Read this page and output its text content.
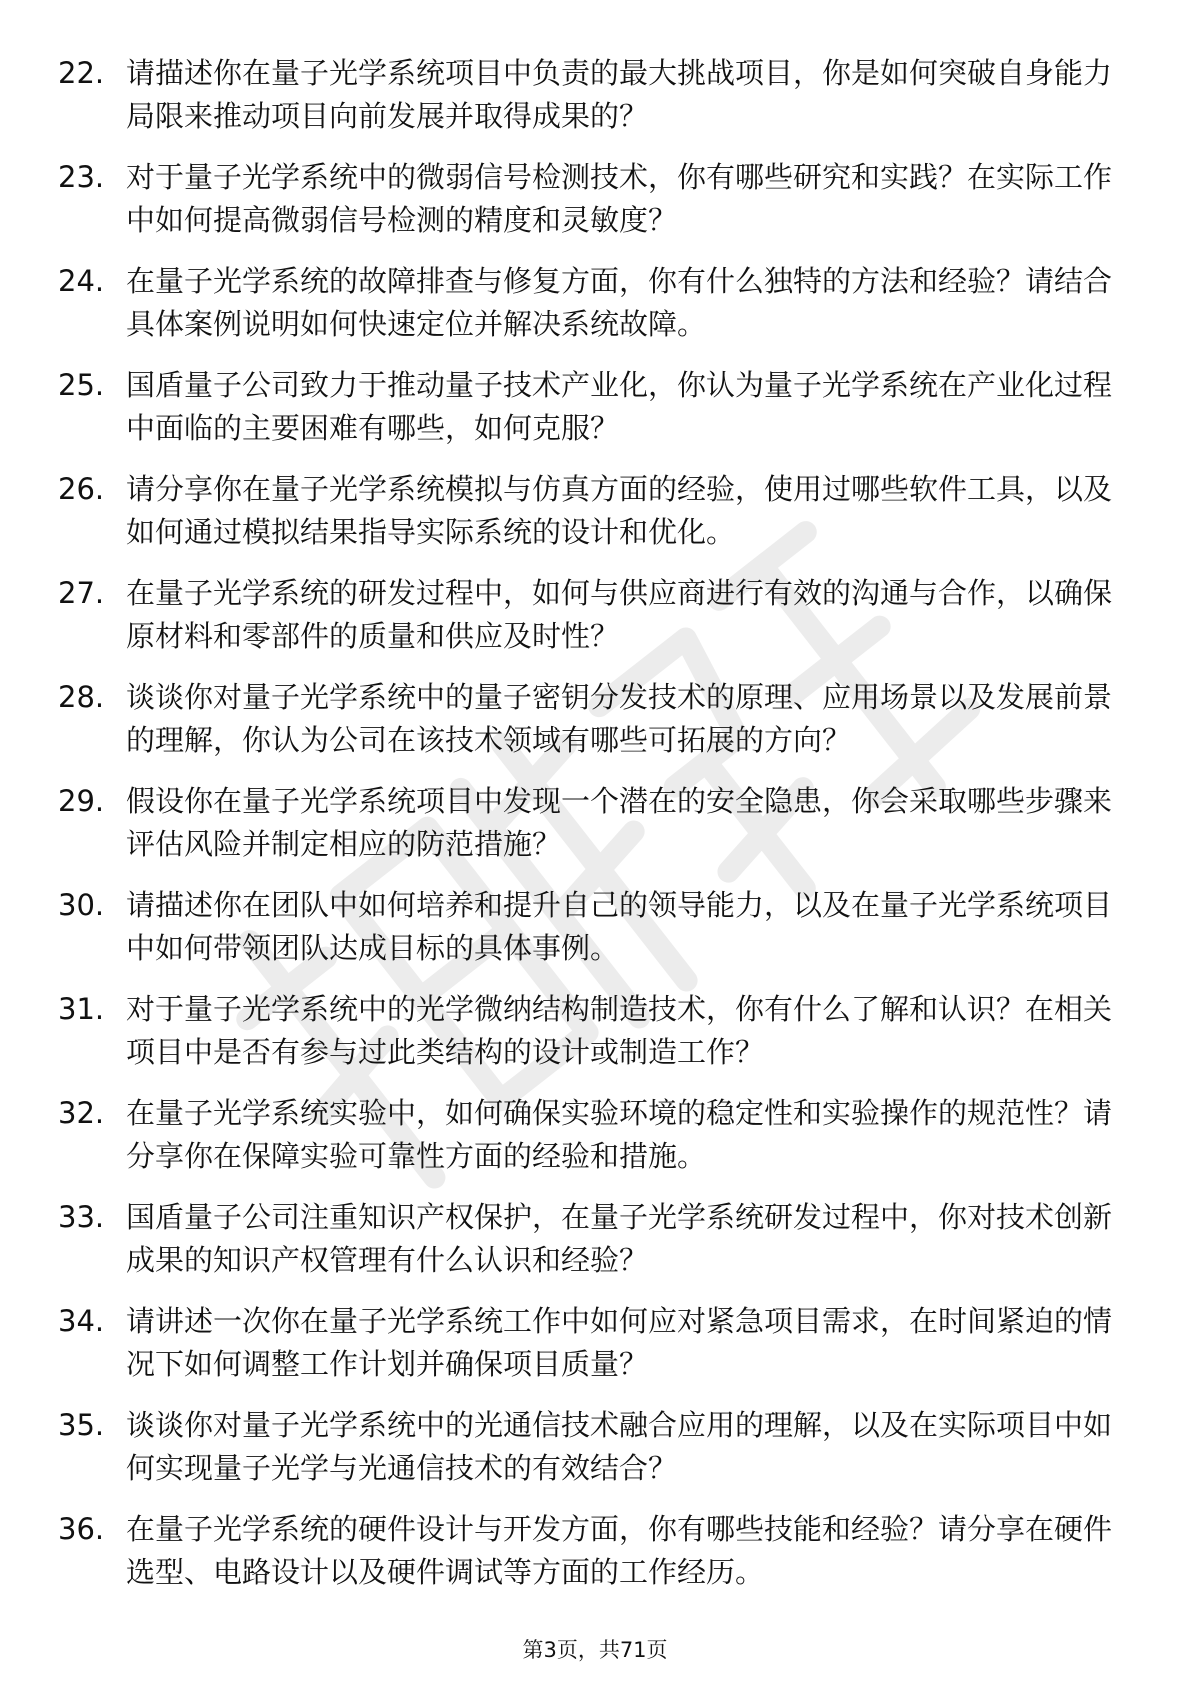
22. 请描述你在量子光学系统项目中负责的最大挑战项目，你是如何突破自身能力局限来推动项目向前发展并取得成果的？
23. 对于量子光学系统中的微弱信号检测技术，你有哪些研究和实践？在实际工作中如何提高微弱信号检测的精度和灵敏度？
24. 在量子光学系统的故障排查与修复方面，你有什么独特的方法和经验？请结合具体案例说明如何快速定位并解决系统故障。
25. 国盾量子公司致力于推动量子技术产业化，你认为量子光学系统在产业化过程中面临的主要困难有哪些，如何克服？
26. 请分享你在量子光学系统模拟与仿真方面的经验，使用过哪些软件工具，以及如何通过模拟结果指导实际系统的设计和优化。
27. 在量子光学系统的研发过程中，如何与供应商进行有效的沟通与合作，以确保原材料和零部件的质量和供应及时性？
28. 谈谈你对量子光学系统中的量子密钥分发技术的原理、应用场景以及发展前景的理解，你认为公司在该技术领域有哪些可拓展的方向？
29. 假设你在量子光学系统项目中发现一个潜在的安全隐患，你会采取哪些步骤来评估风险并制定相应的防范措施？
30. 请描述你在团队中如何培养和提升自己的领导能力，以及在量子光学系统项目中如何带领团队达成目标的具体事例。
31. 对于量子光学系统中的光学微纳结构制造技术，你有什么了解和认识？在相关项目中是否有参与过此类结构的设计或制造工作？
32. 在量子光学系统实验中，如何确保实验环境的稳定性和实验操作的规范性？请分享你在保障实验可靠性方面的经验和措施。
33. 国盾量子公司注重知识产权保护，在量子光学系统研发过程中，你对技术创新成果的知识产权管理有什么认识和经验？
34. 请讲述一次你在量子光学系统工作中如何应对紧急项目需求，在时间紧迫的情况下如何调整工作计划并确保项目质量？
35. 谈谈你对量子光学系统中的光通信技术融合应用的理解，以及在实际项目中如何实现量子光学与光通信技术的有效结合？
36. 在量子光学系统的硬件设计与开发方面，你有哪些技能和经验？请分享在硬件选型、电路设计以及硬件调试等方面的工作经历。
第3页，共71页
